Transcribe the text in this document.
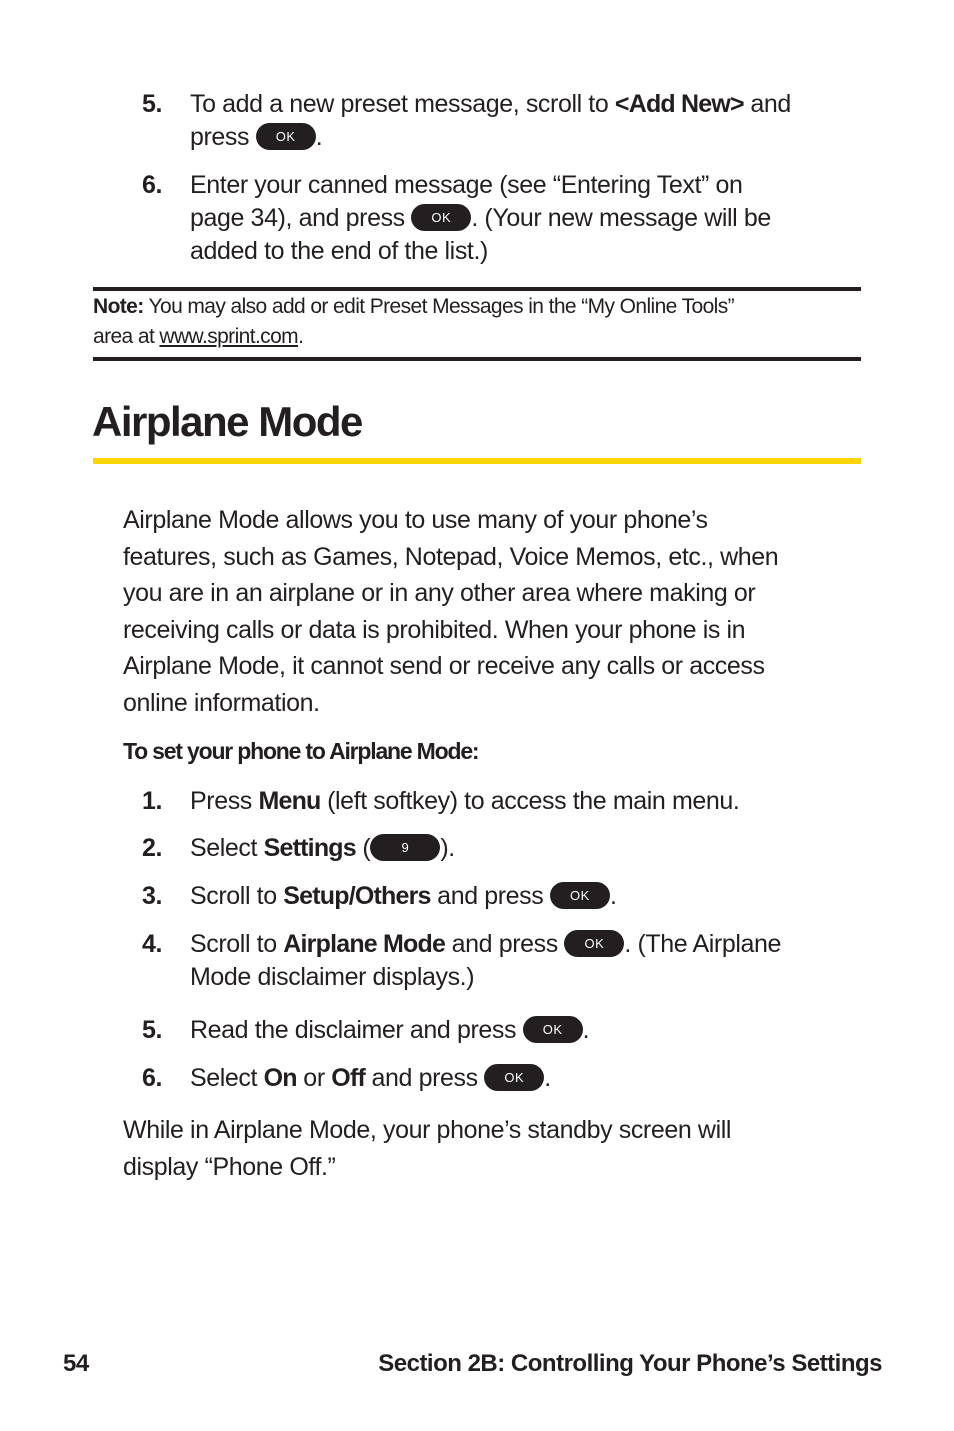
5. To add a new preset message, scroll to <Add New> and
press OK .
6. Enter your canned message (see “Entering Text” on
page 34), and press OK . (Your new message will be
added to the end of the list.)
Note: You may also add or edit Preset Messages in the “My Online Tools”
area at www.sprint.com.
Airplane Mode
Airplane Mode allows you to use many of your phone’s
features, such as Games, Notepad, Voice Memos, etc., when
you are in an airplane or in any other area where making or
receiving calls or data is prohibited. When your phone is in
Airplane Mode, it cannot send or receive any calls or access
online information.
To set your phone to Airplane Mode:
1. Press Menu (left softkey) to access the main menu.
2. Select Settings ( 9 ).
3. Scroll to Setup/Others and press OK .
4. Scroll to Airplane Mode and press OK . (The Airplane
Mode disclaimer displays.)
5. Read the disclaimer and press OK .
6. Select On or Off and press OK .
While in Airplane Mode, your phone’s standby screen will
display “Phone Off.”
54	Section 2B: Controlling Your Phone’s Settings
